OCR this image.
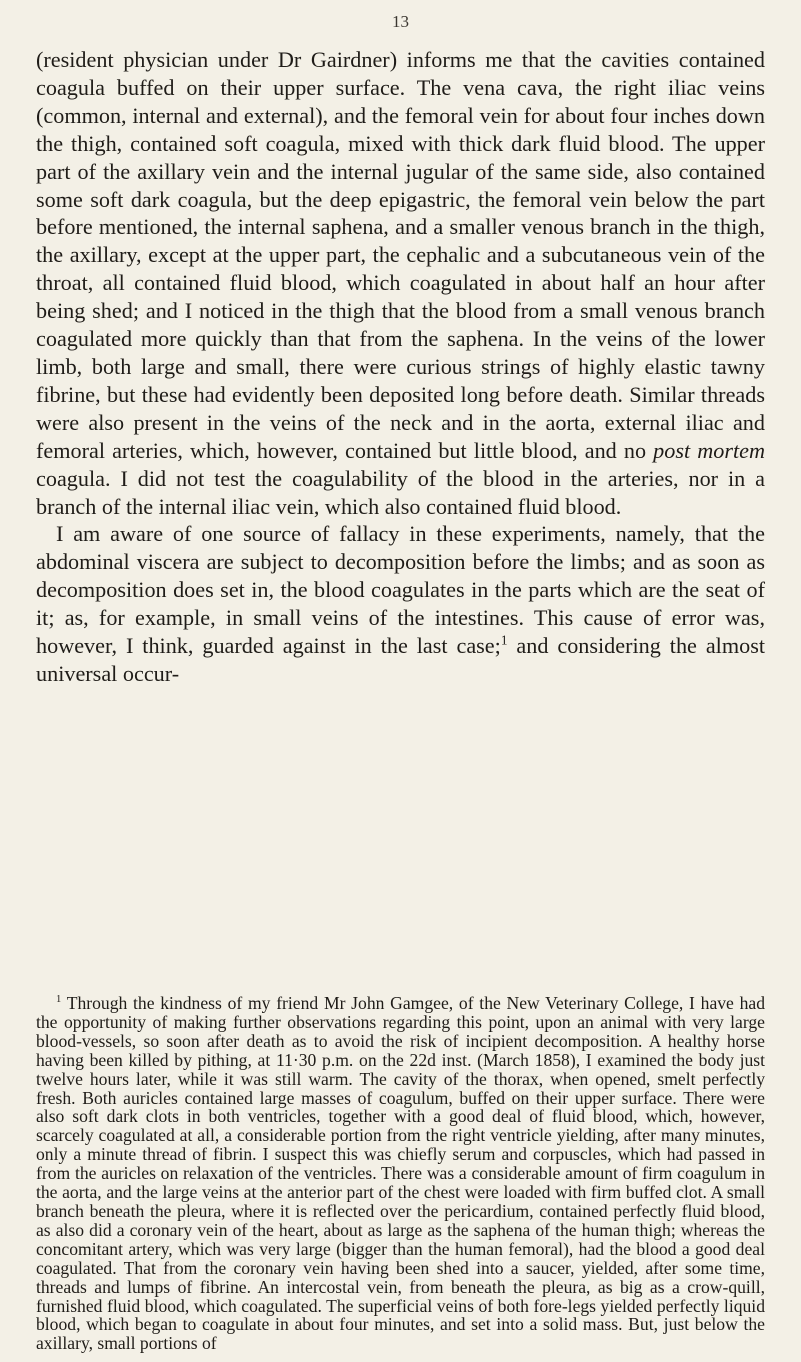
13

(resident physician under Dr Gairdner) informs me that the cavities contained coagula buffed on their upper surface. The vena cava, the right iliac veins (common, internal and external), and the femoral vein for about four inches down the thigh, contained soft coagula, mixed with thick dark fluid blood. The upper part of the axillary vein and the internal jugular of the same side, also contained some soft dark coagula, but the deep epigastric, the femoral vein below the part before mentioned, the internal saphena, and a smaller venous branch in the thigh, the axillary, except at the upper part, the cephalic and a subcutaneous vein of the throat, all contained fluid blood, which coagulated in about half an hour after being shed; and I noticed in the thigh that the blood from a small venous branch coagulated more quickly than that from the saphena. In the veins of the lower limb, both large and small, there were curious strings of highly elastic tawny fibrine, but these had evidently been deposited long before death. Similar threads were also present in the veins of the neck and in the aorta, external iliac and femoral arteries, which, however, contained but little blood, and no post mortem coagula. I did not test the coagulability of the blood in the arteries, nor in a branch of the internal iliac vein, which also contained fluid blood.

I am aware of one source of fallacy in these experiments, namely, that the abdominal viscera are subject to decomposition before the limbs; and as soon as decomposition does set in, the blood coagulates in the parts which are the seat of it; as, for example, in small veins of the intestines. This cause of error was, however, I think, guarded against in the last case;$^1$ and considering the almost universal occur-

$^1$ Through the kindness of my friend Mr John Gamgee, of the New Veterinary College, I have had the opportunity of making further observations regarding this point, upon an animal with very large blood-vessels, so soon after death as to avoid the risk of incipient decomposition. A healthy horse having been killed by pithing, at 11·30 p.m. on the 22d inst. (March 1858), I examined the body just twelve hours later, while it was still warm. The cavity of the thorax, when opened, smelt perfectly fresh. Both auricles contained large masses of coagulum, buffed on their upper surface. There were also soft dark clots in both ventricles, together with a good deal of fluid blood, which, however, scarcely coagulated at all, a considerable portion from the right ventricle yielding, after many minutes, only a minute thread of fibrin. I suspect this was chiefly serum and corpuscles, which had passed in from the auricles on relaxation of the ventricles. There was a considerable amount of firm coagulum in the aorta, and the large veins at the anterior part of the chest were loaded with firm buffed clot. A small branch beneath the pleura, where it is reflected over the pericardium, contained perfectly fluid blood, as also did a coronary vein of the heart, about as large as the saphena of the human thigh; whereas the concomitant artery, which was very large (bigger than the human femoral), had the blood a good deal coagulated. That from the coronary vein having been shed into a saucer, yielded, after some time, threads and lumps of fibrine. An intercostal vein, from beneath the pleura, as big as a crow-quill, furnished fluid blood, which coagulated. The superficial veins of both fore-legs yielded perfectly liquid blood, which began to coagulate in about four minutes, and set into a solid mass. But, just below the axillary, small portions of
